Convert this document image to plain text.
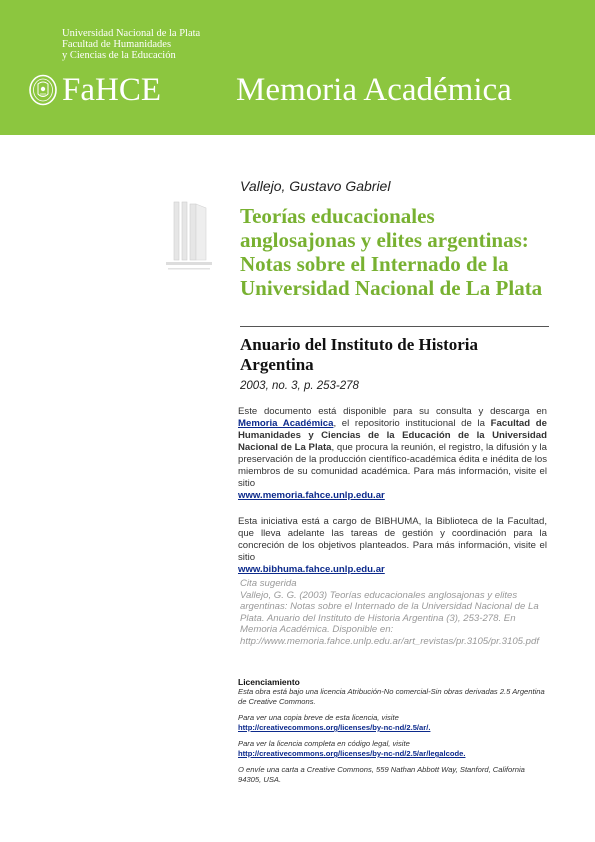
Universidad Nacional de la Plata
Facultad de Humanidades
y Ciencias de la Educación
FaHCE Memoria Académica
Vallejo, Gustavo Gabriel
Teorías educacionales anglosajonas y elites argentinas: Notas sobre el Internado de la Universidad Nacional de La Plata
Anuario del Instituto de Historia Argentina
2003, no. 3, p. 253-278
Este documento está disponible para su consulta y descarga en Memoria Académica, el repositorio institucional de la Facultad de Humanidades y Ciencias de la Educación de la Universidad Nacional de La Plata, que procura la reunión, el registro, la difusión y la preservación de la producción científico-académica édita e inédita de los miembros de su comunidad académica. Para más información, visite el sitio
www.memoria.fahce.unlp.edu.ar
Esta iniciativa está a cargo de BIBHUMA, la Biblioteca de la Facultad, que lleva adelante las tareas de gestión y coordinación para la concreción de los objetivos planteados. Para más información, visite el sitio
www.bibhuma.fahce.unlp.edu.ar
Cita sugerida
Vallejo, G. G. (2003) Teorías educacionales anglosajonas y elites argentinas: Notas sobre el Internado de la Universidad Nacional de La Plata. Anuario del Instituto de Historia Argentina (3), 253-278. En Memoria Académica. Disponible en: http://www.memoria.fahce.unlp.edu.ar/art_revistas/pr.3105/pr.3105.pdf
Licenciamiento
Esta obra está bajo una licencia Atribución-No comercial-Sin obras derivadas 2.5 Argentina de Creative Commons.
Para ver una copia breve de esta licencia, visite
http://creativecommons.org/licenses/by-nc-nd/2.5/ar/.
Para ver la licencia completa en código legal, visite
http://creativecommons.org/licenses/by-nc-nd/2.5/ar/legalcode.
O envíe una carta a Creative Commons, 559 Nathan Abbott Way, Stanford, California 94305, USA.
